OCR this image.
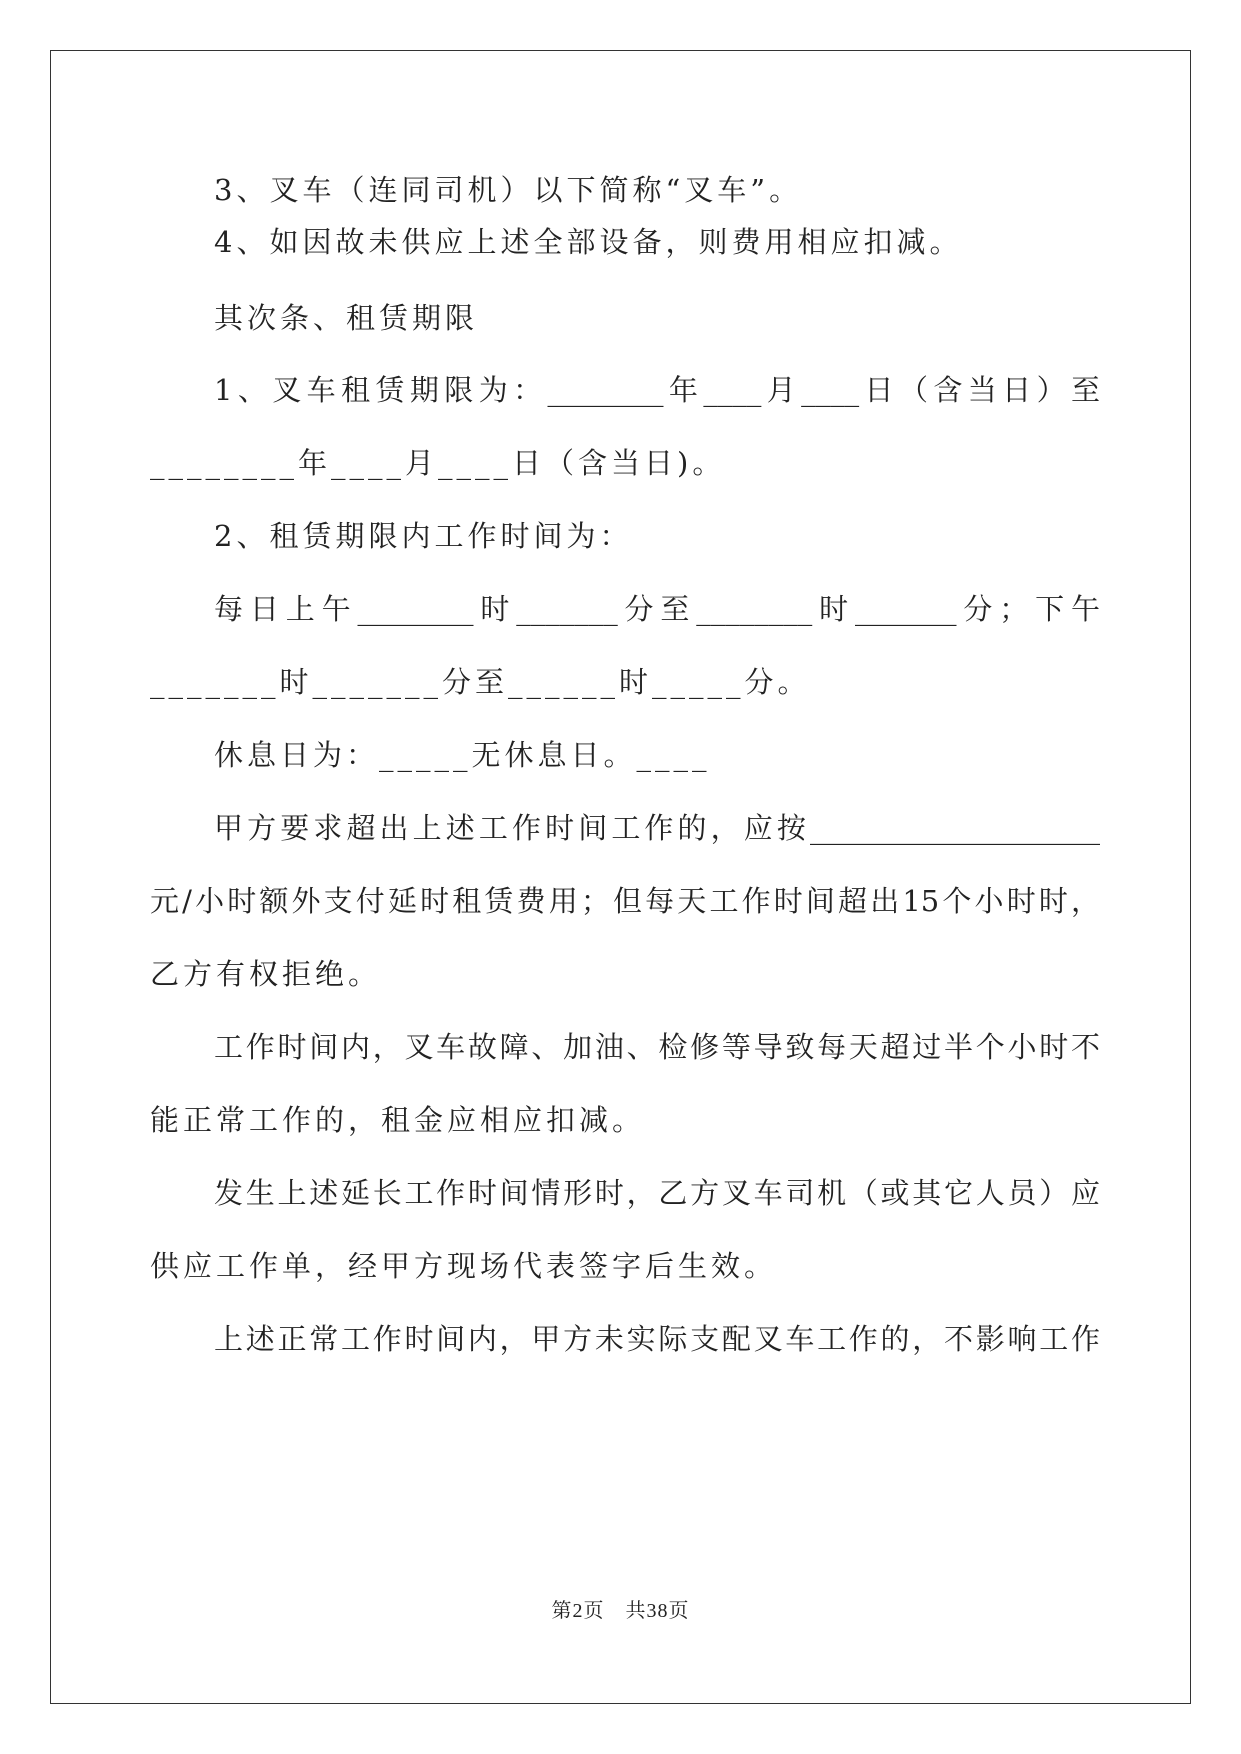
3、叉车（连同司机）以下简称“叉车”。
4、如因故未供应上述全部设备，则费用相应扣减。
其次条、租赁期限
1、叉车租赁期限为：________年____月____日（含当日）至
________年____月____日（含当日)。
2、租赁期限内工作时间为：
每日上午________时_______分至________时_______分；下午
_______时_______分至______时_____分。
休息日为：_____无休息日。____
甲方要求超出上述工作时间工作的，应按____________________
元/小时额外支付延时租赁费用；但每天工作时间超出15个小时时，
乙方有权拒绝。
工作时间内，叉车故障、加油、检修等导致每天超过半个小时不
能正常工作的，租金应相应扣减。
发生上述延长工作时间情形时，乙方叉车司机（或其它人员）应
供应工作单，经甲方现场代表签字后生效。
上述正常工作时间内，甲方未实际支配叉车工作的，不影响工作
第2页　共38页
